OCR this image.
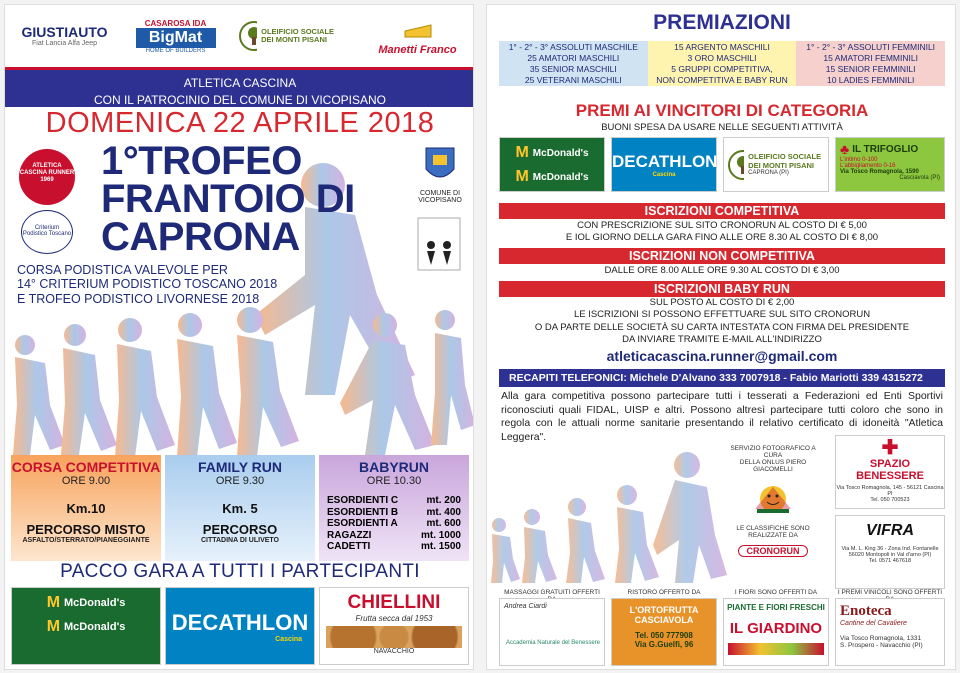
GIUSTIAUTO
Fiat Lancia Alfa Jeep
CASAROSA IDA
BigMat
HOME OF BUILDERS
OLEIFICIO SOCIALE DEI MONTI PISANI
Manetti Franco
ATLETICA CASCINA
CON IL PATROCINIO DEL COMUNE DI VICOPISANO
DOMENICA 22 APRILE 2018
ATLETICA CASCINA RUNNER 1969
Criterium Podistico Toscano
1°TROFEO
FRANTOIO DI
CAPRONA
COMUNE DI
VICOPISANO
CORSA PODISTICA VALEVOLE PER
14° CRITERIUM PODISTICO TOSCANO 2018
E TROFEO PODISTICO LIVORNESE 2018
CORSA COMPETITIVA
ORE 9.00
Km.10
PERCORSO MISTO
ASFALTO/STERRATO/PIANEGGIANTE
FAMILY RUN
ORE 9.30
Km. 5
PERCORSO
CITTADINA DI ULIVETO
BABYRUN
ORE 10.30
ESORDIENTI C	mt. 200
ESORDIENTI B	mt. 400
ESORDIENTI A	mt. 600
RAGAZZI	mt. 1000
CADETTI	mt. 1500
PACCO GARA A TUTTI I PARTECIPANTI
M McDonald's
M McDonald's	DECATHLON
Cascina
CHIELLINI
Frutta secca dal 1953
NAVACCHIO
PREMIAZIONI
1° - 2° - 3° ASSOLUTI MASCHILE	15 ARGENTO MASCHILI	1° - 2° - 3° ASSOLUTI FEMMINILI
25 AMATORI MASCHILI	3 ORO MASCHILI	15 AMATORI FEMMINILI
35 SENIOR MASCHILI	5 GRUPPI COMPETITIVA,	15 SENIOR FEMMINILI
25 VETERANI MASCHILI	NON COMPETITIVA E BABY RUN	10 LADIES FEMMINILI
PREMI AI VINCITORI DI CATEGORIA
BUONI SPESA DA USARE NELLE SEGUENTI ATTIVITÀ
M McDonald's
M McDonald's
DECATHLON
Cascina
OLEIFICIO SOCIALE DEI MONTI PISANI
CAPRONA (PI)
♣ IL TRIFOGLIO
L'intimo 0-100
L'abbigliamento 0-16
Via Tosco Romagnola, 1590
Casciavola (PI)
ISCRIZIONI COMPETITIVA
CON PRESCRIZIONE SUL SITO CRONORUN AL COSTO DI € 5,00
E IOL GIORNO DELLA GARA FINO ALLE ORE 8.30 AL COSTO DI € 8,00
ISCRIZIONI NON COMPETITIVA
DALLE ORE 8.00 ALLE ORE 9.30 AL COSTO DI € 3,00
ISCRIZIONI BABY RUN
SUL POSTO AL COSTO DI € 2,00
LE ISCRIZIONI SI POSSONO EFFETTUARE SUL SITO CRONORUN
O DA PARTE DELLE SOCIETÀ SU CARTA INTESTATA CON FIRMA DEL PRESIDENTE
DA INVIARE TRAMITE E-MAIL ALL'INDIRIZZO
atleticacascina.runner@gmail.com
RECAPITI TELEFONICI: Michele D'Alvano 333 7007918 - Fabio Mariotti 339 4315272
Alla gara competitiva possono partecipare tutti i tesserati a Federazioni ed Enti Sportivi riconosciuti quali FIDAL, UISP e altri. Possono altresì partecipare tutti coloro che sono in regola con le attuali norme sanitarie presentando il relativo certificato di idoneità "Atletica Leggera".
SERVIZIO FOTOGRAFICO A CURA
DELLA ONLUS PIERO GIACOMELLI
LE CLASSIFICHE SONO REALIZZATE DA
CRONORUN
✚
SPAZIO BENESSERE
Via Tosco Romagnola, 145 - 56121 Cascina PI
Tel. 050 700523
VIFRA
Via M. L. King 36 - Zona Ind. Fontanelle
56020 Montopoli in Val d'arno (PI)
Tel. 0571 467618
MASSAGGI GRATUITI OFFERTI
Andrea Ciardi
Accademia Naturale del Benessere
RISTORO OFFERTO DA
L'ORTOFRUTTA CASCIAVOLA
Tel. 050 777908
Via G.Guelfi, 96
I FIORI SONO OFFERTI DA
PIANTE E FIORI FRESCHI
IL GIARDINO
I PREMI VINICOLI SONO OFFERTI
Enoteca
Cantine del Cavaliere
Via Tosco Romagnola, 1331
S. Prospero - Navacchio (PI)
